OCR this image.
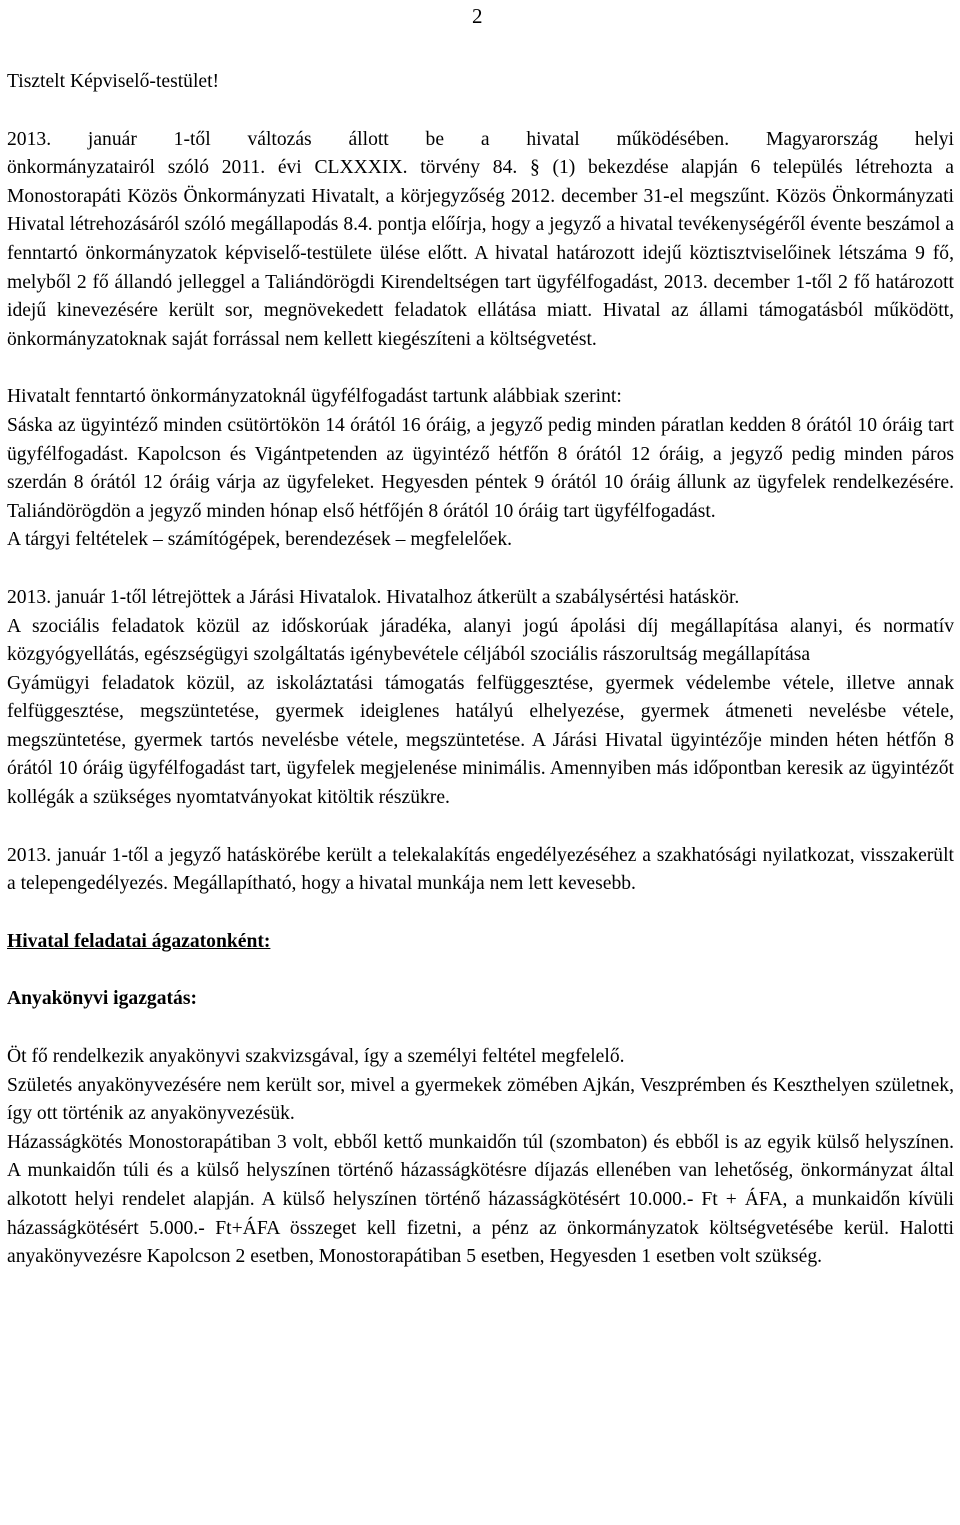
2

Tisztelt Képviselő-testület!

2013. január 1-től változás állott be a hivatal működésében. Magyarország helyi

önkormányzatairól szóló 2011. évi CLXXXIX. törvény 84. § (1) bekezdése alapján 6 település létrehozta a Monostorapáti Közös Önkormányzati Hivatalt, a körjegyzőség 2012. december 31-el megszűnt. Közös Önkormányzati Hivatal létrehozásáról szóló megállapodás 8.4. pontja előírja, hogy a jegyző a hivatal tevékenységéről évente beszámol a fenntartó önkormányzatok képviselő-testülete ülése előtt. A hivatal határozott idejű köztisztviselőinek létszáma 9 fő, melyből 2 fő állandó jelleggel a Taliándörögdi Kirendeltségen tart ügyfélfogadást, 2013. december 1-től 2 fő határozott idejű kinevezésére került sor, megnövekedett feladatok ellátása miatt. Hivatal az állami támogatásból működött, önkormányzatoknak saját forrással nem kellett kiegészíteni a költségvetést.

Hivatalt fenntartó önkormányzatoknál ügyfélfogadást tartunk alábbiak szerint:

Sáska az ügyintéző minden csütörtökön 14 órától 16 óráig, a jegyző pedig minden páratlan kedden 8 órától 10 óráig tart ügyfélfogadást. Kapolcson és Vigántpetenden az ügyintéző hétfőn 8 órától 12 óráig, a jegyző pedig minden páros szerdán 8 órától 12 óráig várja az ügyfeleket. Hegyesden péntek 9 órától 10 óráig állunk az ügyfelek rendelkezésére. Taliándörögdön a jegyző minden hónap első hétfőjén 8 órától 10 óráig tart ügyfélfogadást.

A tárgyi feltételek – számítógépek, berendezések – megfelelőek.

2013. január 1-től létrejöttek a Járási Hivatalok. Hivatalhoz átkerült a szabálysértési hatáskör.

A szociális feladatok közül az időskorúak járadéka, alanyi jogú ápolási díj megállapítása alanyi, és normatív közgyógyellátás, egészségügyi szolgáltatás igénybevétele céljából szociális rászorultság megállapítása

Gyámügyi feladatok közül, az iskoláztatási támogatás felfüggesztése, gyermek védelembe vétele, illetve annak felfüggesztése, megszüntetése, gyermek ideiglenes hatályú elhelyezése, gyermek átmeneti nevelésbe vétele, megszüntetése, gyermek tartós nevelésbe vétele, megszüntetése. A Járási Hivatal ügyintézője minden héten hétfőn 8 órától 10 óráig ügyfélfogadást tart, ügyfelek megjelenése minimális. Amennyiben más időpontban keresik az ügyintézőt kollégák a szükséges nyomtatványokat kitöltik részükre.

2013. január 1-től a jegyző hatáskörébe került a telekalakítás engedélyezéséhez a szakhatósági nyilatkozat, visszakerült a telepengedélyezés. Megállapítható, hogy a hivatal munkája nem lett kevesebb.

Hivatal feladatai ágazatonként:

Anyakönyvi igazgatás:

Öt fő rendelkezik anyakönyvi szakvizsgával, így a személyi feltétel megfelelő.

Születés anyakönyvezésére nem került sor, mivel a gyermekek zömében Ajkán, Veszprémben és Keszthelyen születnek, így ott történik az anyakönyvezésük.

Házasságkötés Monostorapátiban 3 volt, ebből kettő munkaidőn túl (szombaton) és ebből is az egyik külső helyszínen. A munkaidőn túli és a külső helyszínen történő házasságkötésre díjazás ellenében van lehetőség, önkormányzat által alkotott helyi rendelet alapján. A külső helyszínen történő házasságkötésért 10.000.- Ft + ÁFA, a munkaidőn kívüli házasságkötésért 5.000.- Ft+ÁFA összeget kell fizetni, a pénz az önkormányzatok költségvetésébe kerül. Halotti anyakönyvezésre Kapolcson 2 esetben, Monostorapátiban 5 esetben, Hegyesden 1 esetben volt szükség.
